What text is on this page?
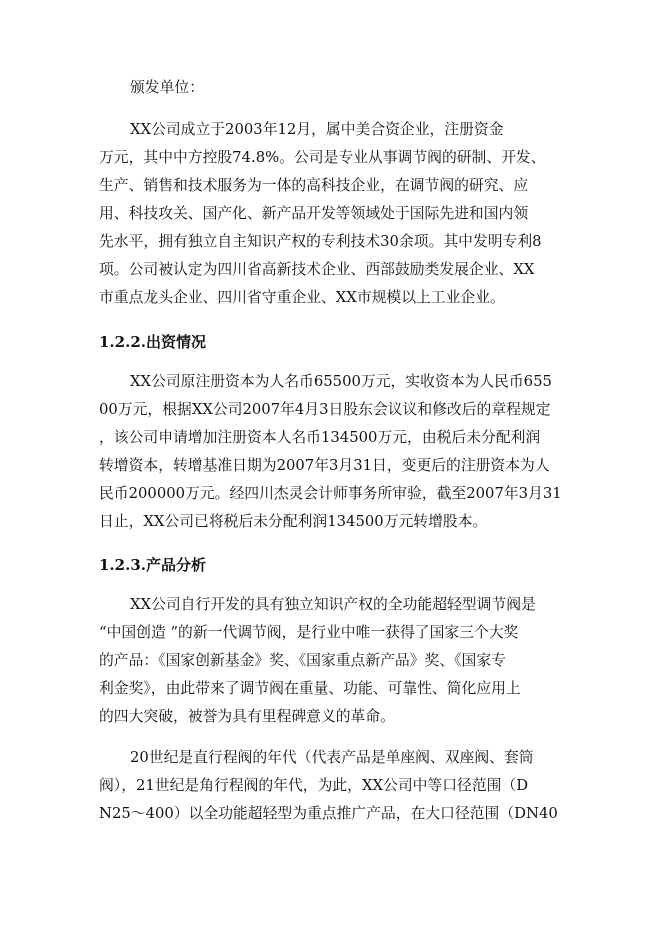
颁发单位：
XX公司成立于2003年12月，属中美合资企业，注册资金
万元，其中中方控股74.8%。公司是专业从事调节阀的研制、开发、
生产、销售和技术服务为一体的高科技企业，在调节阀的研究、应
用、科技攻关、国产化、新产品开发等领域处于国际先进和国内领
先水平，拥有独立自主知识产权的专利技术30余项。其中发明专利8
项。公司被认定为四川省高新技术企业、西部鼓励类发展企业、XX
市重点龙头企业、四川省守重企业、XX市规模以上工业企业。
1.2.2.出资情况
XX公司原注册资本为人名币65500万元，实收资本为人民币655
00万元，根据XX公司2007年4月3日股东会议议和修改后的章程规定
，该公司申请增加注册资本人名币134500万元，由税后未分配利润
转增资本，转增基准日期为2007年3月31日，变更后的注册资本为人
民币200000万元。经四川杰灵会计师事务所审验，截至2007年3月31
日止，XX公司已将税后未分配利润134500万元转增股本。
1.2.3.产品分析
XX公司自行开发的具有独立知识产权的全功能超轻型调节阀是
“中国创造 ”的新一代调节阀，是行业中唯一获得了国家三个大奖
的产品：《国家创新基金》奖、《国家重点新产品》奖、《国家专
利金奖》，由此带来了调节阀在重量、功能、可靠性、简化应用上
的四大突破，被誉为具有里程碑意义的革命。
20世纪是直行程阀的年代（代表产品是单座阀、双座阀、套筒
阀），21世纪是角行程阀的年代，为此，XX公司中等口径范围（D
N25～400）以全功能超轻型为重点推广产品，在大口径范围（DN40
